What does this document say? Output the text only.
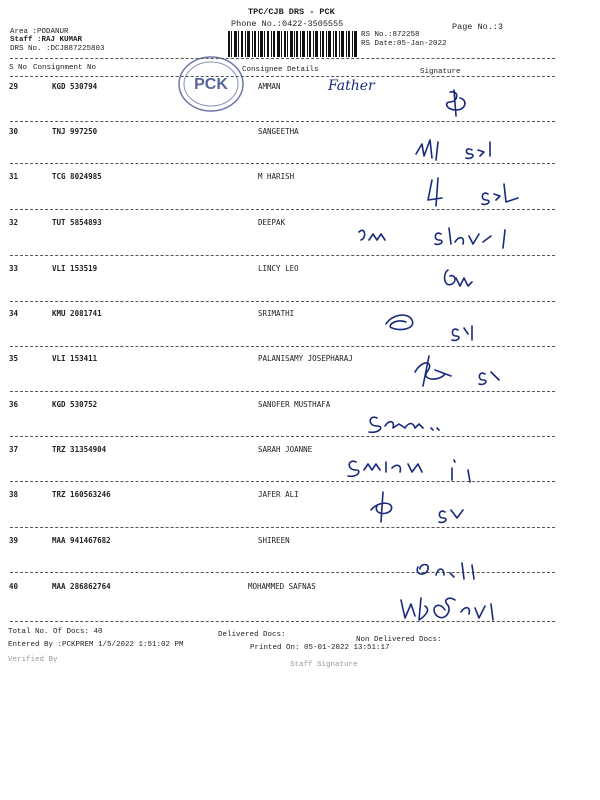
TPC/CJB DRS - PCK
Phone No.:0422-3505555
Area :PODANUR
Staff :RAJ KUMAR
DRS No. :DCJB87225803
Page No.:3
RS No.:872258
RS Date:05-Jan-2022
PCK
S No Consignment No	Consignee Details	Signature
29	KGD 530794	AMMAN	Father
30	TNJ 997250	SANGEETHA
31	TCG 8024985	M HARISH
32	TUT 5854893	DEEPAK
33	VLI 153519	LINCY LEO
34	KMU 2081741	SRIMATHI
35	VLI 153411	PALANISAMY JOSEPHARAJ
36	KGD 530752	SANOFER MUSTHAFA
37	TRZ 31354904	SARAH JOANNE
38	TRZ 160563246	JAFER ALI
39	MAA 941467682	SHIREEN
40	MAA 286862764	MOHAMMED SAFNAS
Total No. Of Docs: 40	Delivered Docs:
Non Delivered Docs:
Entered By :PCKPREM 1/5/2022 1:51:02 PM	Printed On: 05-01-2022 13:51:17
Verified By
Staff Signature
